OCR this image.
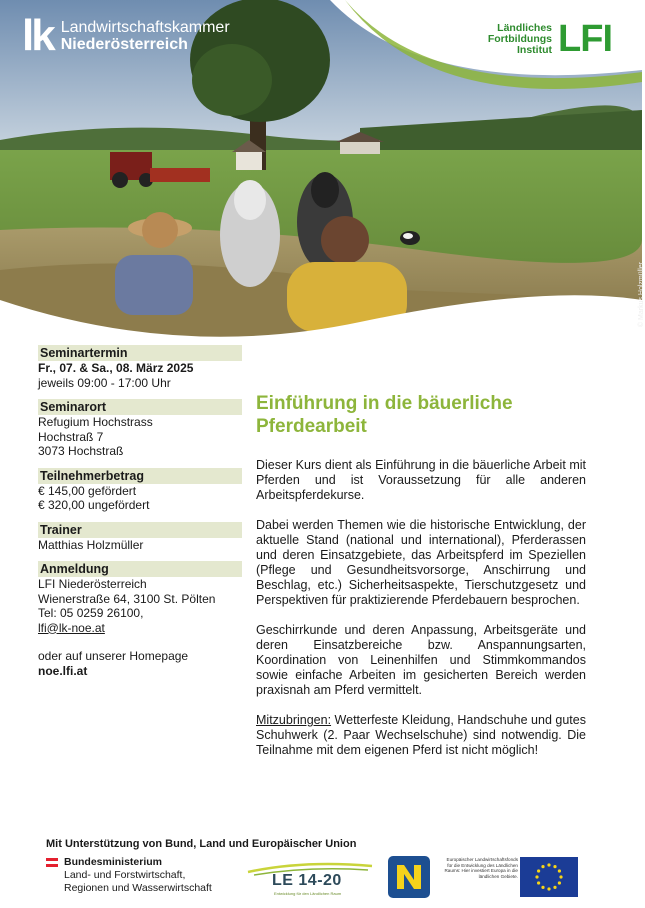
lk Landwirtschaftskammer
Niederösterreich
Ländliches
Fortbildungs
Institut LFI
© Markus Holzmüller
Seminartermin
Fr., 07. & Sa., 08. März 2025
jeweils 09:00 - 17:00 Uhr
Seminarort
Refugium Hochstrass
Hochstraß 7
3073 Hochstraß
Teilnehmerbetrag
€ 145,00 gefördert
€ 320,00 ungefördert
Trainer
Matthias Holzmüller
Anmeldung
LFI Niederösterreich
Wienerstraße 64, 3100 St. Pölten
Tel: 05 0259 26100,
lfi@lk-noe.at
oder auf unserer Homepage
noe.lfi.at
Einführung in die bäuerliche
Pferdearbeit

Dieser Kurs dient als Einführung in die bäuerliche Arbeit mit Pferden und ist Voraussetzung für alle anderen Arbeitspferdekurse.

Dabei werden Themen wie die historische Entwicklung, der aktuelle Stand (national und international), Pferderassen und deren Einsatzgebiete, das Arbeitspferd im Speziellen (Pflege und Gesundheitsvorsorge, Anschirrung und Beschlag, etc.) Sicherheitsaspekte, Tierschutzgesetz und Perspektiven für praktizierende Pferdebauern besprochen.

Geschirrkunde und deren Anpassung, Arbeitsgeräte und deren Einsatzbereiche bzw. Anspannungsarten, Koordination von Leinenhilfen und Stimmkommandos sowie einfache Arbeiten im gesicherten Bereich werden praxisnah am Pferd vermittelt.

Mitzubringen: Wetterfeste Kleidung, Handschuhe und gutes Schuhwerk (2. Paar Wechselschuhe) sind notwendig. Die Teilnahme mit dem eigenen Pferd ist nicht möglich!

Mit Unterstützung von Bund, Land und Europäischer Union
Bundesministerium
Land- und Forstwirtschaft,
Regionen und Wasserwirtschaft	LE 14-20
Entwicklung für den Ländlichen Raum
Europäischer Landwirtschaftsfonds für die Entwicklung des Ländlichen Raums: Hier investiert Europa in die ländlichen Gebiete.
